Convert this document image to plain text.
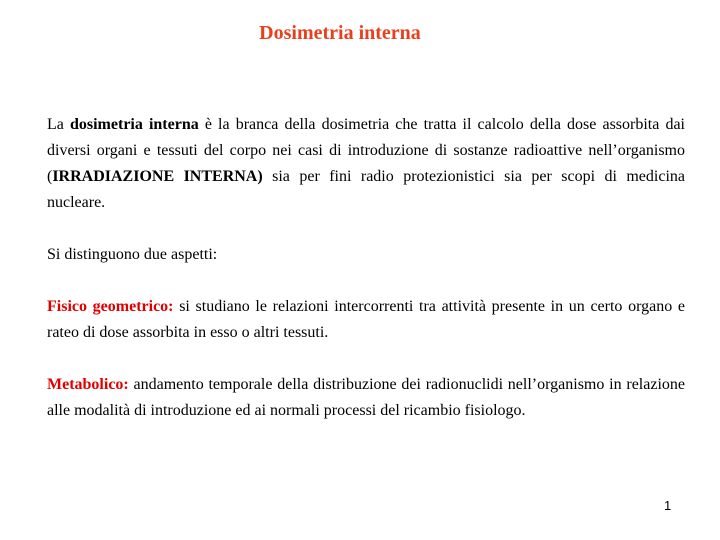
Dosimetria interna

La dosimetria interna è la branca della dosimetria che tratta il calcolo della dose assorbita dai diversi organi e tessuti del corpo nei casi di introduzione di sostanze radioattive nell’organismo (IRRADIAZIONE INTERNA) sia per fini radio protezionistici sia per scopi di medicina nucleare.

Si distinguono due aspetti:

Fisico geometrico: si studiano le relazioni intercorrenti tra attività presente in un certo organo e rateo di dose assorbita in esso o altri tessuti.

Metabolico: andamento temporale della distribuzione dei radionuclidi nell’organismo in relazione alle modalità di introduzione ed ai normali processi del ricambio fisiologo.

1
